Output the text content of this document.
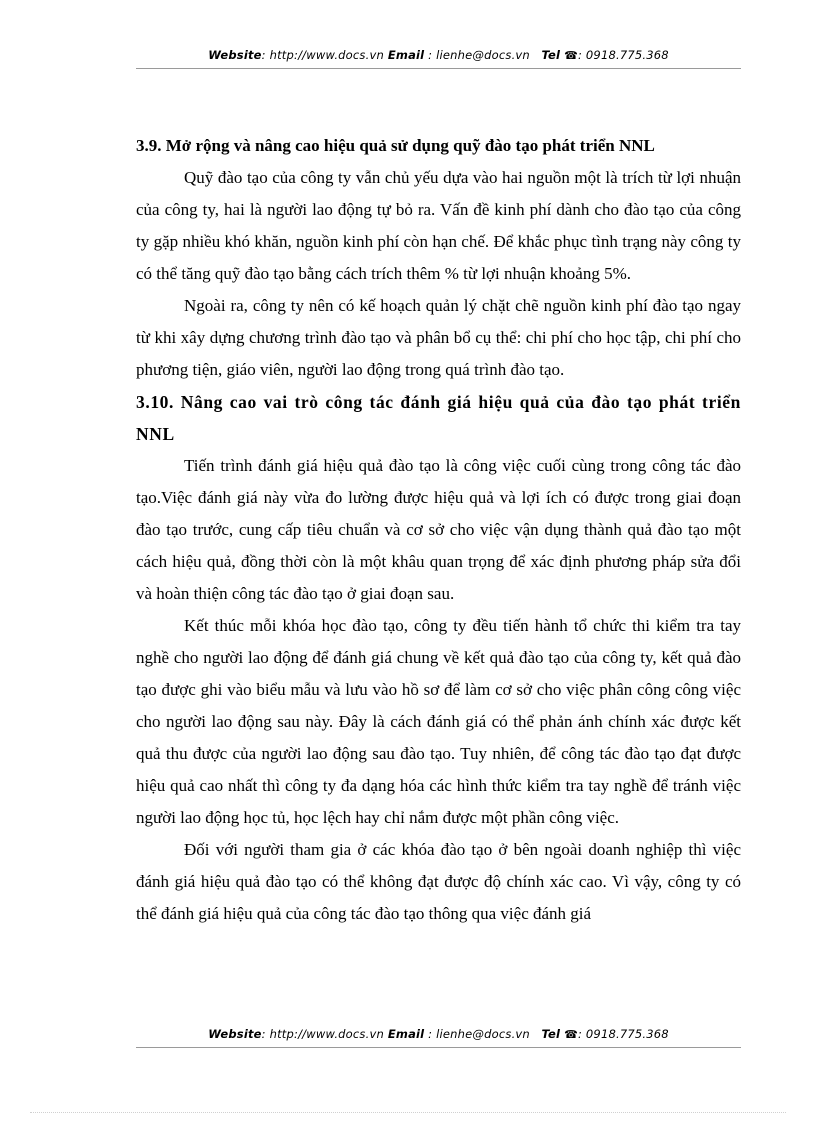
Website: http://www.docs.vn Email : lienhe@docs.vn Tel ☎: 0918.775.368
3.9. Mở rộng và nâng cao hiệu quả sử dụng quỹ đào tạo phát triển NNL

Quỹ đào tạo của công ty vẫn chủ yếu dựa vào hai nguồn một là trích từ lợi nhuận của công ty, hai là người lao động tự bỏ ra. Vấn đề kinh phí dành cho đào tạo của công ty gặp nhiều khó khăn, nguồn kinh phí còn hạn chế. Để khắc phục tình trạng này công ty có thể tăng quỹ đào tạo bằng cách trích thêm % từ lợi nhuận khoảng 5%.

Ngoài ra, công ty nên có kế hoạch quản lý chặt chẽ nguồn kinh phí đào tạo ngay từ khi xây dựng chương trình đào tạo và phân bổ cụ thể: chi phí cho học tập, chi phí cho phương tiện, giáo viên, người lao động trong quá trình đào tạo.

3.10. Nâng cao vai trò công tác đánh giá hiệu quả của đào tạo phát triển NNL

Tiến trình đánh giá hiệu quả đào tạo là công việc cuối cùng trong công tác đào tạo.Việc đánh giá này vừa đo lường được hiệu quả và lợi ích có được trong giai đoạn đào tạo trước, cung cấp tiêu chuẩn và cơ sở cho việc vận dụng thành quả đào tạo một cách hiệu quả, đồng thời còn là một khâu quan trọng để xác định phương pháp sửa đổi và hoàn thiện công tác đào tạo ở giai đoạn sau.

Kết thúc mỗi khóa học đào tạo, công ty đều tiến hành tổ chức thi kiểm tra tay nghề cho người lao động để đánh giá chung về kết quả đào tạo của công ty, kết quả đào tạo được ghi vào biểu mẫu và lưu vào hồ sơ để làm cơ sở cho việc phân công công việc cho người lao động sau này. Đây là cách đánh giá có thể phản ánh chính xác được kết quả thu được của người lao động sau đào tạo. Tuy nhiên, để công tác đào tạo đạt được hiệu quả cao nhất thì công ty đa dạng hóa các hình thức kiểm tra tay nghề để tránh việc người lao động học tủ, học lệch hay chỉ nắm được một phần công việc.

Đối với người tham gia ở các khóa đào tạo ở bên ngoài doanh nghiệp thì việc đánh giá hiệu quả đào tạo có thể không đạt được độ chính xác cao. Vì vậy, công ty có thể đánh giá hiệu quả của công tác đào tạo thông qua việc đánh giá

Website: http://www.docs.vn Email : lienhe@docs.vn Tel ☎: 0918.775.368
